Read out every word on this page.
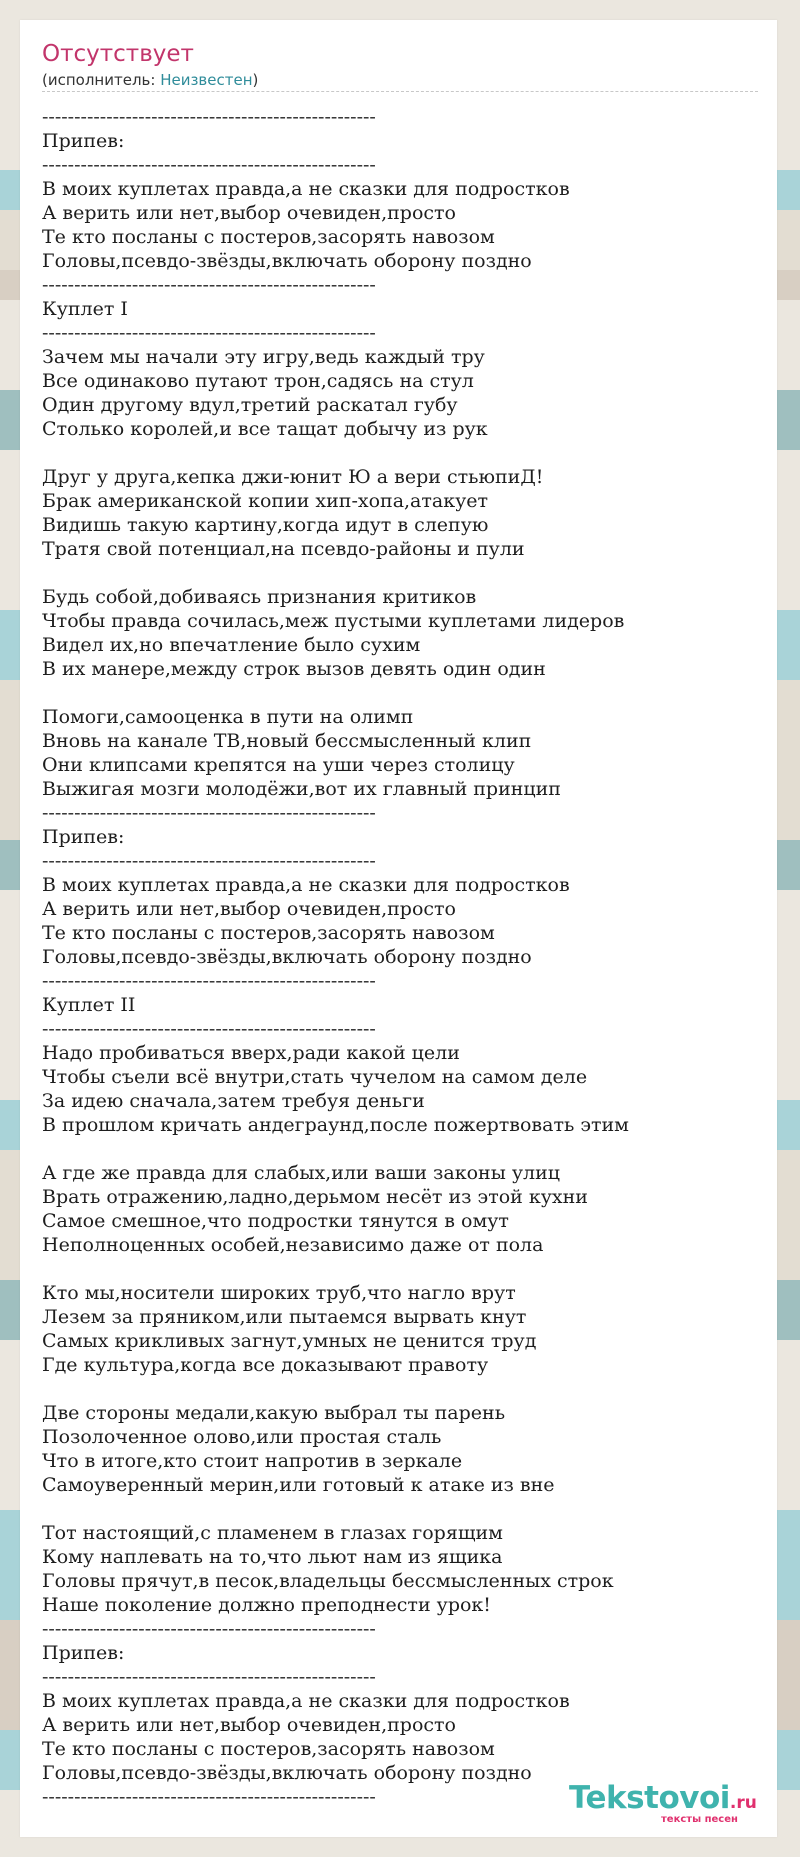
Отсутствует
(исполнитель: Неизвестен)
----------------------------------------------------
Припев:
----------------------------------------------------
В моих куплетах правда,а не сказки для подростков
А верить или нет,выбор очевиден,просто
Те кто посланы с постеров,засорять навозом
Головы,псевдо-звёзды,включать оборону поздно
----------------------------------------------------
Куплет I
----------------------------------------------------
Зачем мы начали эту игру,ведь каждый тру
Все одинаково путают трон,садясь на стул
Один другому вдул,третий раскатал губу
Столько королей,и все тащат добычу из рук
Друг у друга,кепка джи-юнит Ю а вери стьюпиД!
Брак американской копии хип-хопа,атакует
Видишь такую картину,когда идут в слепую
Тратя свой потенциал,на псевдо-районы и пули
Будь собой,добиваясь признания критиков
Чтобы правда сочилась,меж пустыми куплетами лидеров
Видел их,но впечатление было сухим
В их манере,между строк вызов девять один один
Помоги,самооценка в пути на олимп
Вновь на канале ТВ,новый бессмысленный клип
Они клипсами крепятся на уши через столицу
Выжигая мозги молодёжи,вот их главный принцип
----------------------------------------------------
Припев:
----------------------------------------------------
В моих куплетах правда,а не сказки для подростков
А верить или нет,выбор очевиден,просто
Те кто посланы с постеров,засорять навозом
Головы,псевдо-звёзды,включать оборону поздно
----------------------------------------------------
Куплет II
----------------------------------------------------
Надо пробиваться вверх,ради какой цели
Чтобы съели всё внутри,стать чучелом на самом деле
За идею сначала,затем требуя деньги
В прошлом кричать андеграунд,после пожертвовать этим
А где же правда для слабых,или ваши законы улиц
Врать отражению,ладно,дерьмом несёт из этой кухни
Самое смешное,что подростки тянутся в омут
Неполноценных особей,независимо даже от пола
Кто мы,носители широких труб,что нагло врут
Лезем за пряником,или пытаемся вырвать кнут
Самых крикливых загнут,умных не ценится труд
Где культура,когда все доказывают правоту
Две стороны медали,какую выбрал ты парень
Позолоченное олово,или простая сталь
Что в итоге,кто стоит напротив в зеркале
Самоуверенный мерин,или готовый к атаке из вне
Тот настоящий,с пламенем в глазах горящим
Кому наплевать на то,что льют нам из ящика
Головы прячут,в песок,владельцы бессмысленных строк
Наше поколение должно преподнести урок!
----------------------------------------------------
Припев:
----------------------------------------------------
В моих куплетах правда,а не сказки для подростков
А верить или нет,выбор очевиден,просто
Те кто посланы с постеров,засорять навозом
Головы,псевдо-звёзды,включать оборону поздно
----------------------------------------------------	Tekstovoi.ru
тексты песен
